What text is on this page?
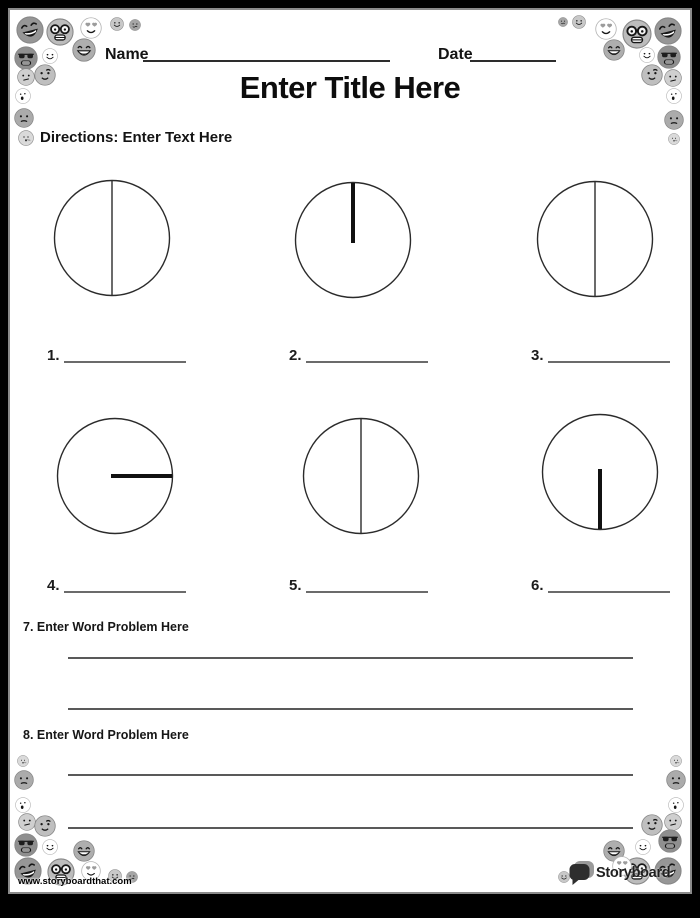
Name	Date
Enter Title Here
Directions: Enter Text Here
1.	2.	3.
4.	5.	6.
7. Enter Word Problem Here
8. Enter Word Problem Here
www.storyboardthat.com
Storyboard
